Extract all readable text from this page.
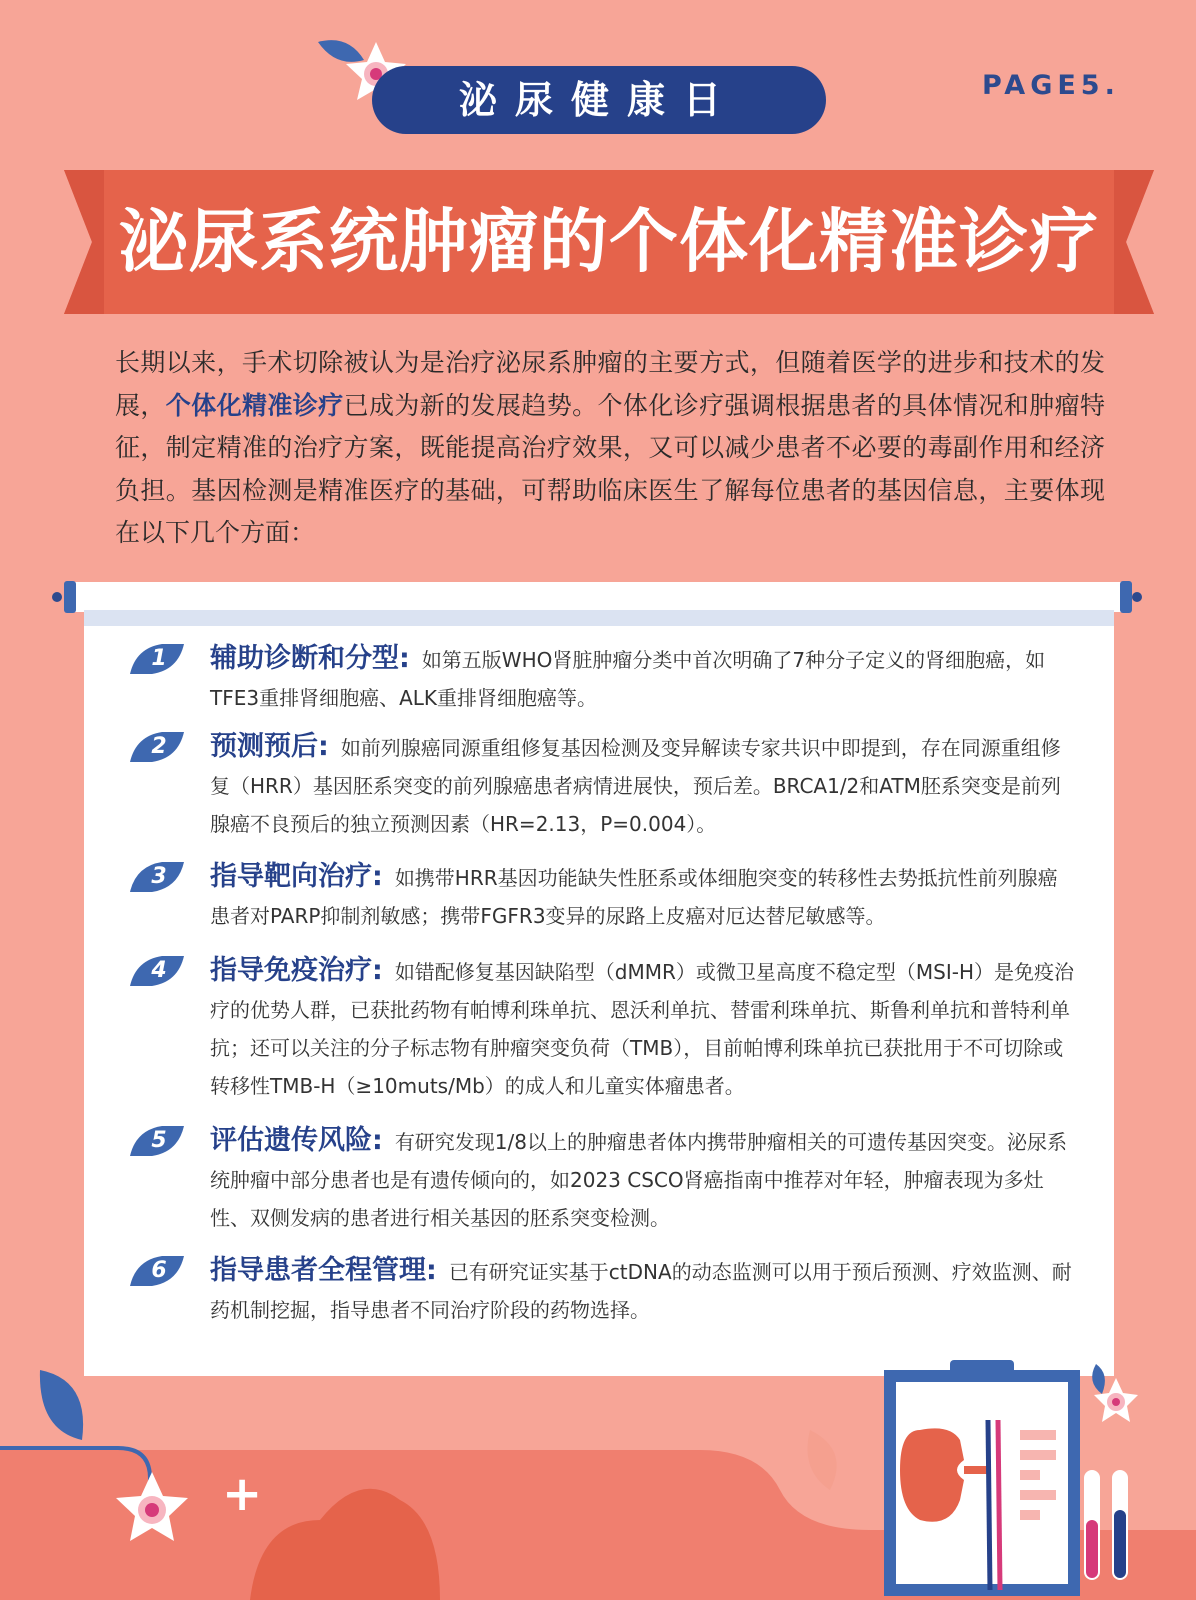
泌尿健康日	PAGE5.
泌尿系统肿瘤的个体化精准诊疗
长期以来，手术切除被认为是治疗泌尿系肿瘤的主要方式，但随着医学的进步和技术的发展，个体化精准诊疗已成为新的发展趋势。个体化诊疗强调根据患者的具体情况和肿瘤特征，制定精准的治疗方案，既能提高治疗效果，又可以减少患者不必要的毒副作用和经济负担。基因检测是精准医疗的基础，可帮助临床医生了解每位患者的基因信息，主要体现在以下几个方面：
1 辅助诊断和分型: 如第五版WHO肾脏肿瘤分类中首次明确了7种分子定义的肾细胞癌，如TFE3重排肾细胞癌、ALK重排肾细胞癌等。
2 预测预后: 如前列腺癌同源重组修复基因检测及变异解读专家共识中即提到，存在同源重组修复（HRR）基因胚系突变的前列腺癌患者病情进展快，预后差。BRCA1/2和ATM胚系突变是前列腺癌不良预后的独立预测因素（HR=2.13，P=0.004）。
3 指导靶向治疗: 如携带HRR基因功能缺失性胚系或体细胞突变的转移性去势抵抗性前列腺癌患者对PARP抑制剂敏感；携带FGFR3变异的尿路上皮癌对厄达替尼敏感等。
4 指导免疫治疗: 如错配修复基因缺陷型（dMMR）或微卫星高度不稳定型（MSI-H）是免疫治疗的优势人群，已获批药物有帕博利珠单抗、恩沃利单抗、替雷利珠单抗、斯鲁利单抗和普特利单抗；还可以关注的分子标志物有肿瘤突变负荷（TMB），目前帕博利珠单抗已获批用于不可切除或转移性TMB-H（≥10muts/Mb）的成人和儿童实体瘤患者。
5 评估遗传风险: 有研究发现1/8以上的肿瘤患者体内携带肿瘤相关的可遗传基因突变。泌尿系统肿瘤中部分患者也是有遗传倾向的，如2023 CSCO肾癌指南中推荐对年轻，肿瘤表现为多灶性、双侧发病的患者进行相关基因的胚系突变检测。
6 指导患者全程管理: 已有研究证实基于ctDNA的动态监测可以用于预后预测、疗效监测、耐药机制挖掘，指导患者不同治疗阶段的药物选择。
+
